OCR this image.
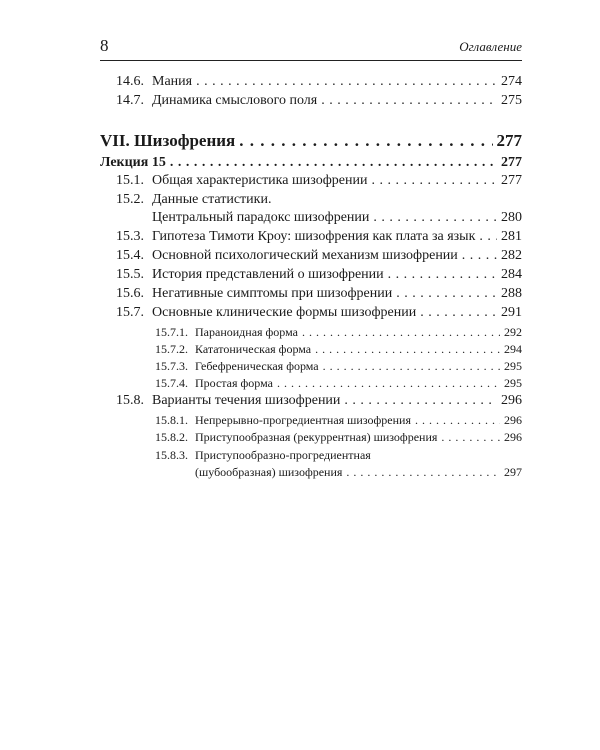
8	Оглавление
14.6. Мания . . .	274
14.7. Динамика смыслового поля . . .	275
VII. Шизофрения . . .	277
Лекция 15 . . .	277
15.1. Общая характеристика шизофрении . . .	277
15.2. Данные статистики.
Центральный парадокс шизофрении . . .	280
15.3. Гипотеза Тимоти Кроу: шизофрения как плата за язык . . . 281
15.4. Основной психологический механизм шизофрении . . .	282
15.5. История представлений о шизофрении . . .	284
15.6. Негативные симптомы при шизофрении . . .	288
15.7. Основные клинические формы шизофрении . . .	291
15.7.1. Параноидная форма . . .	292
15.7.2. Кататоническая форма . . .	294
15.7.3. Гебефреническая форма . . .	295
15.7.4. Простая форма . . .	295
15.8. Варианты течения шизофрении . . .	296
15.8.1. Непрерывно-прогредиентная шизофрения . . .	296
15.8.2. Приступообразная (рекуррентная) шизофрения . . .	296
15.8.3. Приступообразно-прогредиентная
(шубообразная) шизофрения . . .	297
